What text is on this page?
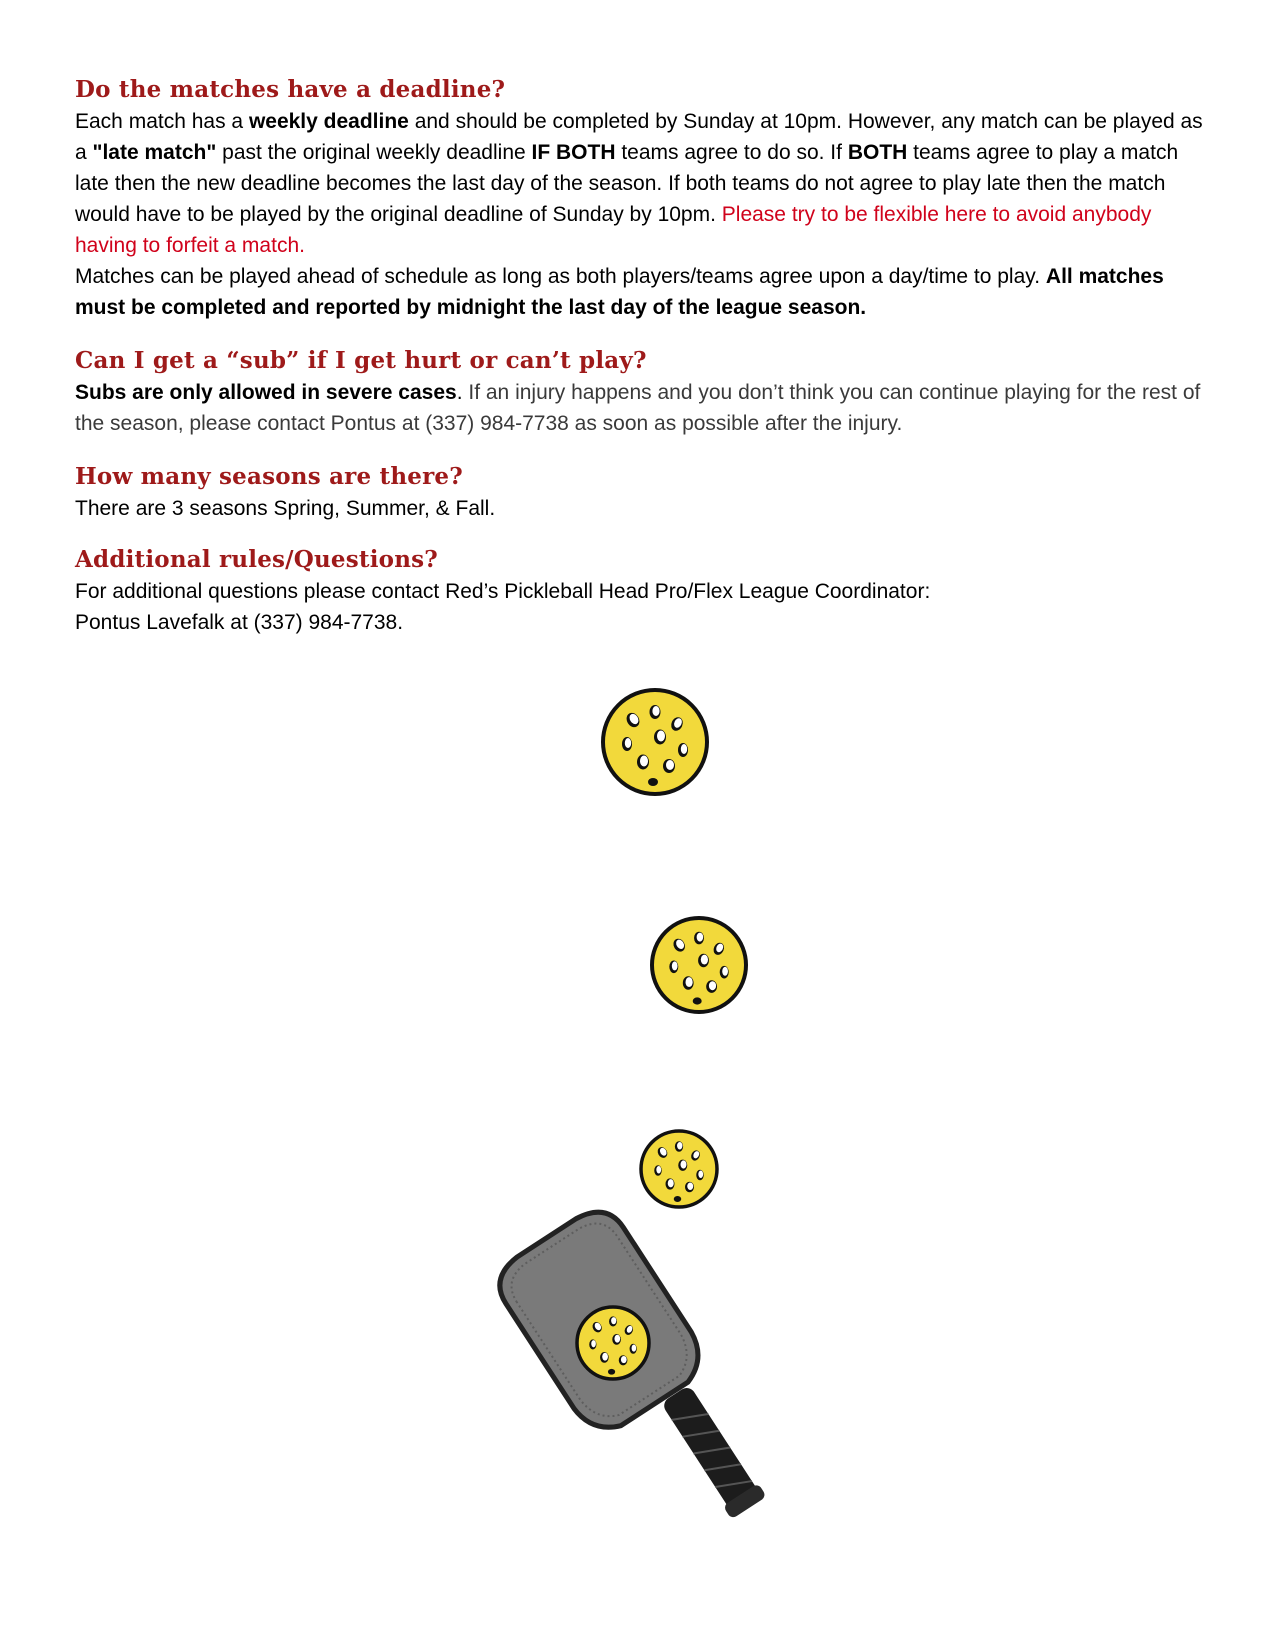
Do the matches have a deadline?

Each match has a weekly deadline and should be completed by Sunday at 10pm. However, any match can be played as a "late match" past the original weekly deadline IF BOTH teams agree to do so. If BOTH teams agree to play a match late then the new deadline becomes the last day of the season. If both teams do not agree to play late then the match would have to be played by the original deadline of Sunday by 10pm. Please try to be flexible here to avoid anybody having to forfeit a match.

Matches can be played ahead of schedule as long as both players/teams agree upon a day/time to play. All matches must be completed and reported by midnight the last day of the league season.

Can I get a “sub” if I get hurt or can’t play?

Subs are only allowed in severe cases. If an injury happens and you don’t think you can continue playing for the rest of the season, please contact Pontus at (337) 984-7738 as soon as possible after the injury.

How many seasons are there?

There are 3 seasons Spring, Summer, & Fall.

Additional rules/Questions?

For additional questions please contact Red’s Pickleball Head Pro/Flex League Coordinator:

Pontus Lavefalk at (337) 984-7738.
